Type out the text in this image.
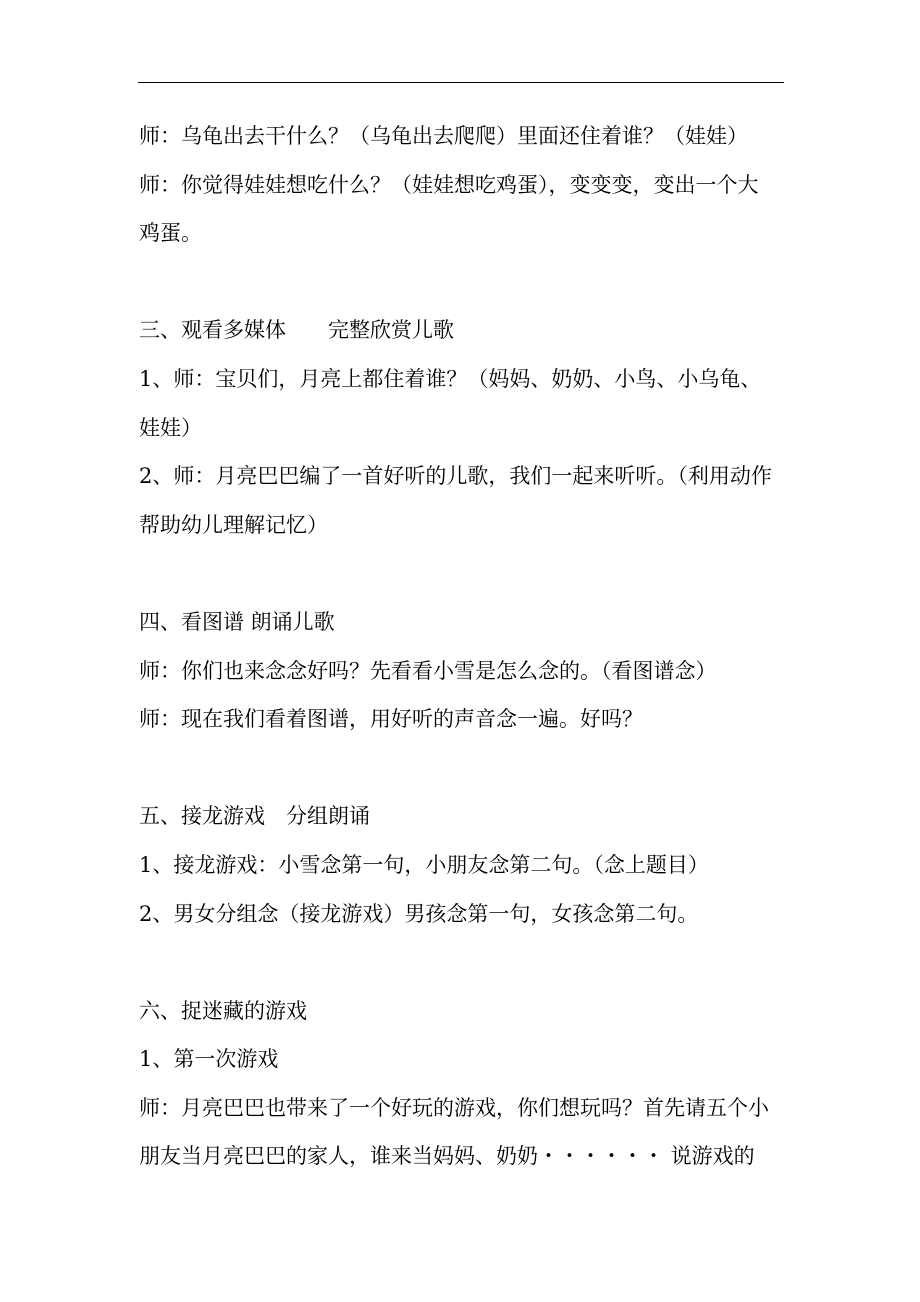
师：乌龟出去干什么？（乌龟出去爬爬）里面还住着谁？（娃娃）
师：你觉得娃娃想吃什么？（娃娃想吃鸡蛋），变变变，变出一个大
鸡蛋。
三、观看多媒体　　完整欣赏儿歌
1、师：宝贝们，月亮上都住着谁？（妈妈、奶奶、小鸟、小乌龟、
娃娃）
2、师：月亮巴巴编了一首好听的儿歌，我们一起来听听。（利用动作
帮助幼儿理解记忆）
四、看图谱 朗诵儿歌
师：你们也来念念好吗？先看看小雪是怎么念的。（看图谱念）
师：现在我们看着图谱，用好听的声音念一遍。好吗？
五、接龙游戏　分组朗诵
1、接龙游戏：小雪念第一句，小朋友念第二句。（念上题目）
2、男女分组念（接龙游戏）男孩念第一句，女孩念第二句。
六、捉迷藏的游戏
1、第一次游戏
师：月亮巴巴也带来了一个好玩的游戏，你们想玩吗？首先请五个小
朋友当月亮巴巴的家人，谁来当妈妈、奶奶・・・・・・ 说游戏的
